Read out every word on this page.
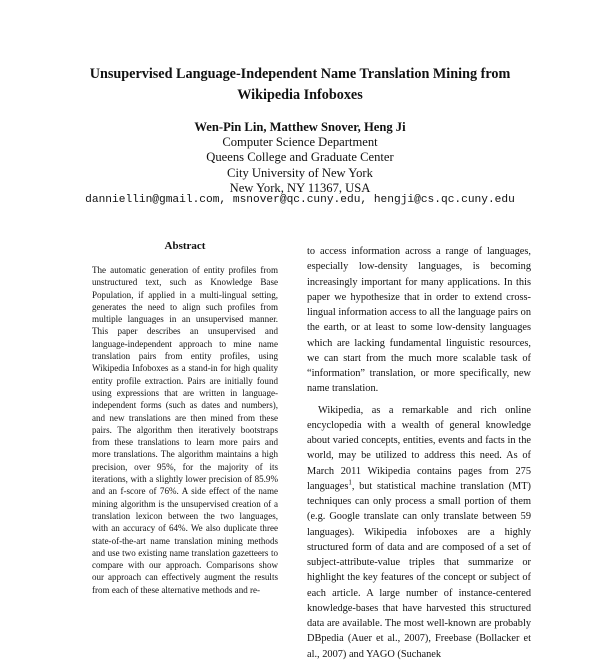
Unsupervised Language-Independent Name Translation Mining from
Wikipedia Infoboxes
Wen-Pin Lin, Matthew Snover, Heng Ji
Computer Science Department
Queens College and Graduate Center
City University of New York
New York, NY 11367, USA
danniellin@gmail.com, msnover@qc.cuny.edu, hengji@cs.qc.cuny.edu
Abstract
The automatic generation of entity profiles from unstructured text, such as Knowledge Base Population, if applied in a multi-lingual setting, generates the need to align such profiles from multiple languages in an unsupervised manner. This paper describes an unsupervised and language-independent approach to mine name translation pairs from entity profiles, using Wikipedia Infoboxes as a stand-in for high quality entity profile extraction. Pairs are initially found using expressions that are written in language-independent forms (such as dates and numbers), and new translations are then mined from these pairs. The algorithm then iteratively bootstraps from these translations to learn more pairs and more translations. The algorithm maintains a high precision, over 95%, for the majority of its iterations, with a slightly lower precision of 85.9% and an f-score of 76%. A side effect of the name mining algorithm is the unsupervised creation of a translation lexicon between the two languages, with an accuracy of 64%. We also duplicate three state-of-the-art name translation mining methods and use two existing name translation gazetteers to compare with our approach. Comparisons show our approach can effectively augment the results from each of these alternative methods and re-

to access information across a range of languages, especially low-density languages, is becoming increasingly important for many applications. In this paper we hypothesize that in order to extend cross-lingual information access to all the language pairs on the earth, or at least to some low-density languages which are lacking fundamental linguistic resources, we can start from the much more scalable task of “information” translation, or more specifically, new name translation.

Wikipedia, as a remarkable and rich online encyclopedia with a wealth of general knowledge about varied concepts, entities, events and facts in the world, may be utilized to address this need. As of March 2011 Wikipedia contains pages from 275 languages$^1$, but statistical machine translation (MT) techniques can only process a small portion of them (e.g. Google translate can only translate between 59 languages). Wikipedia infoboxes are a highly structured form of data and are composed of a set of subject-attribute-value triples that summarize or highlight the key features of the concept or subject of each article. A large number of instance-centered knowledge-bases that have harvested this structured data are available. The most well-known are probably DBpedia (Auer et al., 2007), Freebase (Bollacker et al., 2007) and YAGO (Suchanek
